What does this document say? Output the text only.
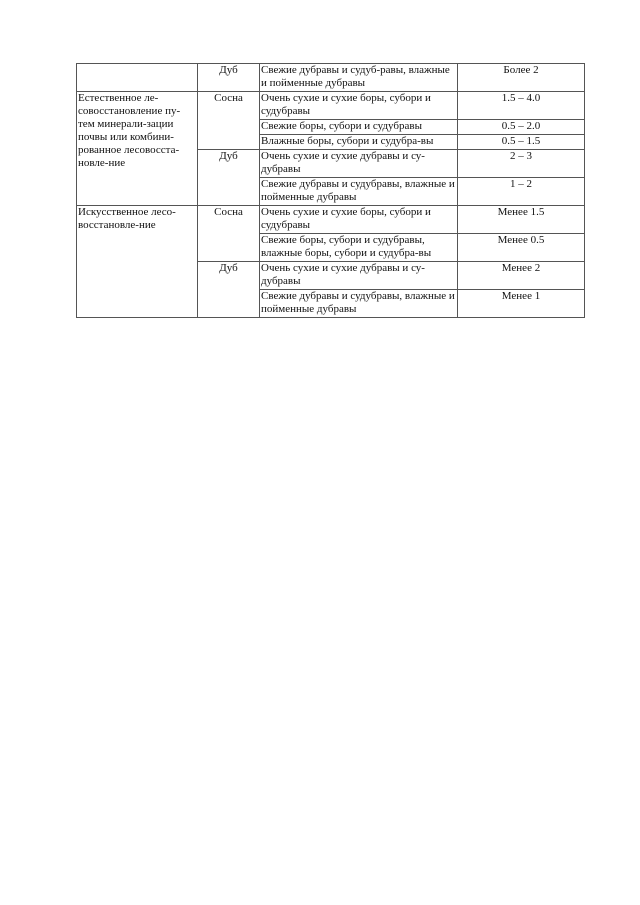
	Дуб	Свежие дубравы и судуб-равы, влажные и пойменные дубравы	Более 2
Естественное ле-совосстановление пу-тем минерали-зации почвы или комбини-рованное лесовосста-новле-ние	Сосна	Очень сухие и сухие боры, субори и судубравы	1.5 – 4.0
		Свежие боры, субори и судубравы	0.5 – 2.0
		Влажные боры, субори и судубра-вы	0.5 – 1.5
	Дуб	Очень сухие и сухие дубравы и су-дубравы	2 – 3
		Свежие дубравы и судубравы, влажные и пойменные дубравы	1 – 2
Искусственное лесо-восстановле-ние	Сосна	Очень сухие и сухие боры, субори и судубравы	Менее 1.5
		Свежие боры, субори и судубравы, влажные боры, субори и судубра-вы	Менее 0.5
	Дуб	Очень сухие и сухие дубравы и су-дубравы	Менее 2
		Свежие дубравы и судубравы, влажные и пойменные дубравы	Менее 1
